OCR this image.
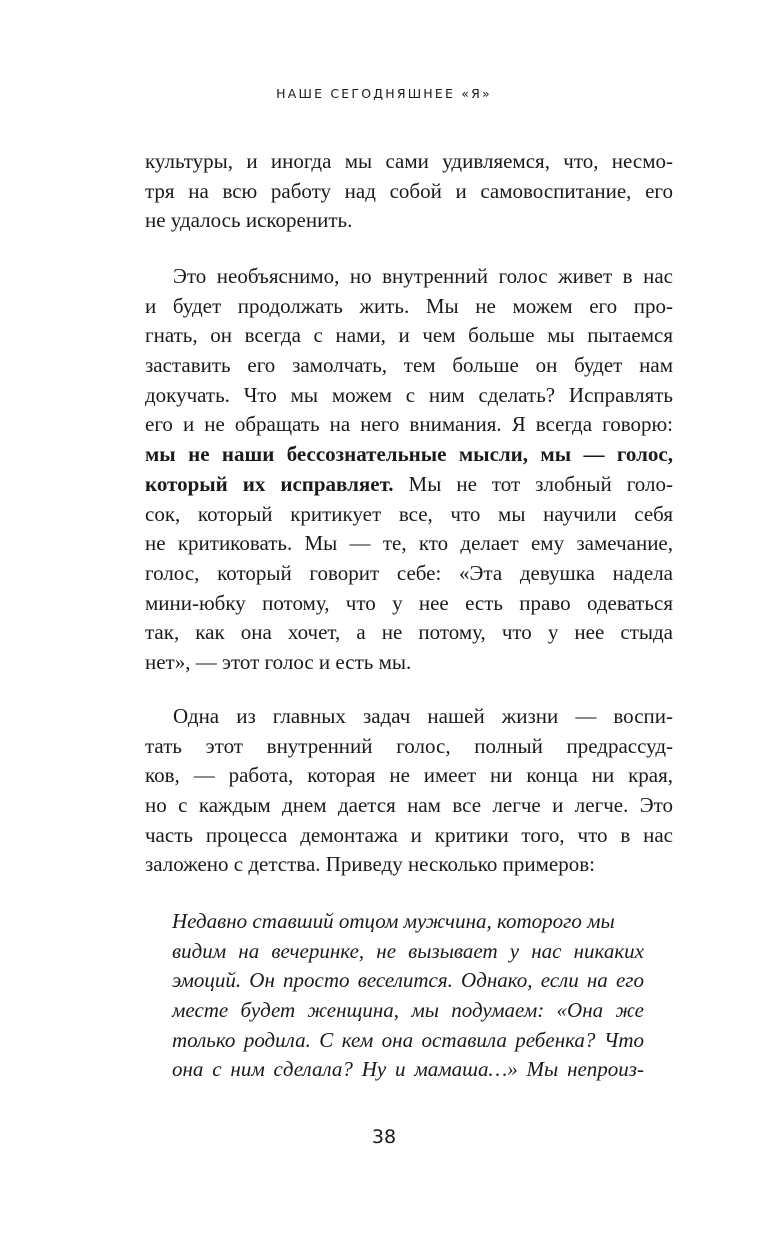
НАШЕ СЕГОДНЯШНЕЕ «Я»
культуры, и иногда мы сами удивляемся, что, несмо-
тря на всю работу над собой и самовоспитание, его
не удалось искоренить.
Это необъяснимо, но внутренний голос живет в нас
и будет продолжать жить. Мы не можем его про-
гнать, он всегда с нами, и чем больше мы пытаемся
заставить его замолчать, тем больше он будет нам
докучать. Что мы можем с ним сделать? Исправлять
его и не обращать на него внимания. Я всегда говорю:
мы не наши бессознательные мысли, мы — голос,
который их исправляет. Мы не тот злобный голо-
сок, который критикует все, что мы научили себя
не критиковать. Мы — те, кто делает ему замечание,
голос, который говорит себе: «Эта девушка надела
мини-юбку потому, что у нее есть право одеваться
так, как она хочет, а не потому, что у нее стыда
нет», — этот голос и есть мы.
Одна из главных задач нашей жизни — воспи-
тать этот внутренний голос, полный предрассуд-
ков, — работа, которая не имеет ни конца ни края,
но с каждым днем дается нам все легче и легче. Это
часть процесса демонтажа и критики того, что в нас
заложено с детства. Приведу несколько примеров:
Недавно ставший отцом мужчина, которого мы
видим на вечеринке, не вызывает у нас никаких
эмоций. Он просто веселится. Однако, если на его
месте будет женщина, мы подумаем: «Она же
только родила. С кем она оставила ребенка? Что
она с ним сделала? Ну и мамаша…» Мы непроиз-
38
